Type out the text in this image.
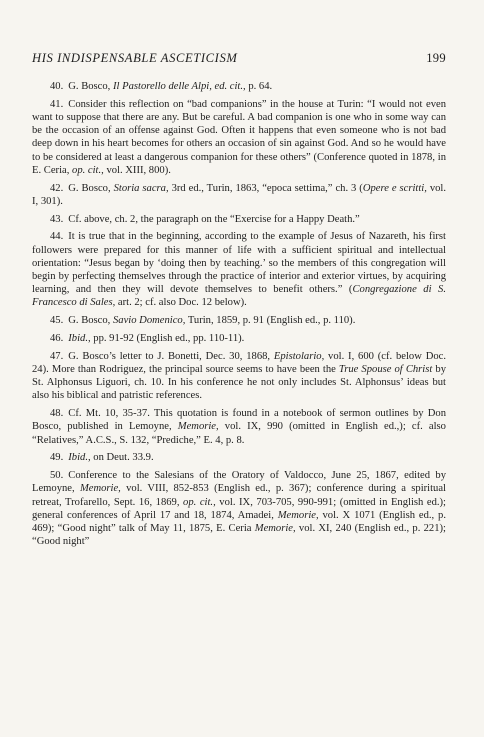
HIS INDISPENSABLE ASCETICISM	199

40. G. Bosco, Il Pastorello delle Alpi, ed. cit., p. 64.

41. Consider this reflection on “bad companions” in the house at Turin: “I would not even want to suppose that there are any. But be careful. A bad companion is one who in some way can be the occasion of an offense against God. Often it happens that even someone who is not bad deep down in his heart becomes for others an occasion of sin against God. And so he would have to be considered at least a dangerous companion for these others” (Conference quoted in 1878, in E. Ceria, op. cit., vol. XIII, 800).

42. G. Bosco, Storia sacra, 3rd ed., Turin, 1863, “epoca settima,” ch. 3 (Opere e scritti, vol. I, 301).

43. Cf. above, ch. 2, the paragraph on the “Exercise for a Happy Death.”

44. It is true that in the beginning, according to the example of Jesus of Nazareth, his first followers were prepared for this manner of life with a sufficient spiritual and intellectual orientation: “Jesus began by ‘doing then by teaching.’ so the members of this congregation will begin by perfecting themselves through the practice of interior and exterior virtues, by acquiring learning, and then they will devote themselves to benefit others.” (Congregazione di S. Francesco di Sales, art. 2; cf. also Doc. 12 below).

45. G. Bosco, Savio Domenico, Turin, 1859, p. 91 (English ed., p. 110).

46. Ibid., pp. 91-92 (English ed., pp. 110-11).

47. G. Bosco’s letter to J. Bonetti, Dec. 30, 1868, Epistolario, vol. I, 600 (cf. below Doc. 24). More than Rodriguez, the principal source seems to have been the True Spouse of Christ by St. Alphonsus Liguori, ch. 10. In his conference he not only includes St. Alphonsus’ ideas but also his biblical and patristic references.

48. Cf. Mt. 10, 35-37. This quotation is found in a notebook of sermon outlines by Don Bosco, published in Lemoyne, Memorie, vol. IX, 990 (omitted in English ed.,); cf. also “Relatives,” A.C.S., S. 132, “Prediche,” E. 4, p. 8.

49. Ibid., on Deut. 33.9.

50. Conference to the Salesians of the Oratory of Valdocco, June 25, 1867, edited by Lemoyne, Memorie, vol. VIII, 852-853 (English ed., p. 367); conference during a spiritual retreat, Trofarello, Sept. 16, 1869, op. cit., vol. IX, 703-705, 990-991; (omitted in English ed.); general conferences of April 17 and 18, 1874, Amadei, Memorie, vol. X 1071 (English ed., p. 469); “Good night” talk of May 11, 1875, E. Ceria Memorie, vol. XI, 240 (English ed., p. 221); “Good night”
